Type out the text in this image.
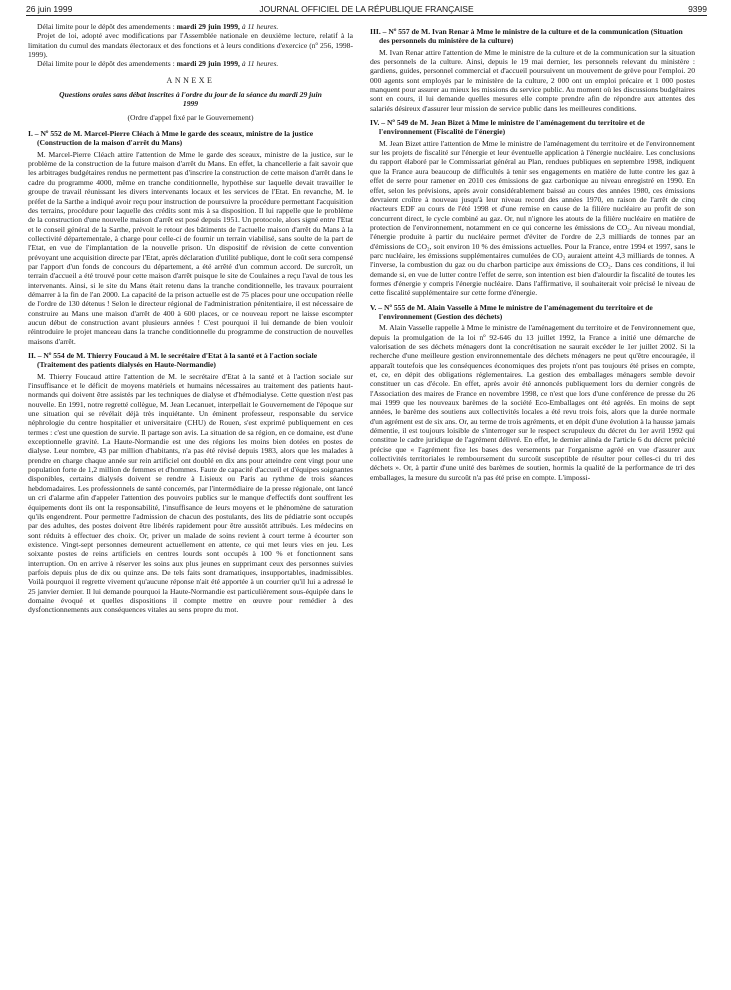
26 juin 1999	JOURNAL OFFICIEL DE LA RÉPUBLIQUE FRANÇAISE	9399

Délai limite pour le dépôt des amendements : mardi 29 juin 1999, à 11 heures.

Projet de loi, adopté avec modifications par l'Assemblée nationale en deuxième lecture, relatif à la limitation du cumul des mandats électoraux et des fonctions et à leurs conditions d'exercice (nº 256, 1998-1999).

Délai limite pour le dépôt des amendements : mardi 29 juin 1999, à 11 heures.

ANNEXE

Questions orales sans débat inscrites à l'ordre du jour de la séance du mardi 29 juin 1999

(Ordre d'appel fixé par le Gouvernement)

I. – Nº 552 de M. Marcel-Pierre Cléach à Mme le garde des sceaux, ministre de la justice (Construction de la maison d'arrêt du Mans)

M. Marcel-Pierre Cléach attire l'attention de Mme le garde des sceaux, ministre de la justice, sur le problème de la construction de la future maison d'arrêt du Mans. En effet, la chancellerie a fait savoir que les arbitrages budgétaires rendus ne permettent pas d'inscrire la construction de cette maison d'arrêt dans le cadre du programme 4000, même en tranche conditionnelle, hypothèse sur laquelle devait travailler le groupe de travail réunissant les divers intervenants locaux et les services de l'Etat. En revanche, M. le préfet de la Sarthe a indiqué avoir reçu pour instruction de poursuivre la procédure permettant l'acquisition des terrains, procédure pour laquelle des crédits sont mis à sa disposition. Il lui rappelle que le problème de la construction d'une nouvelle maison d'arrêt est posé depuis 1951. Un protocole, alors signé entre l'Etat et le conseil général de la Sarthe, prévoit le retour des bâtiments de l'actuelle maison d'arrêt du Mans à la collectivité départementale, à charge pour celle-ci de fournir un terrain viabilisé, sans soulte de la part de l'Etat, en vue de l'implantation de la nouvelle prison. Un dispositif de révision de cette convention prévoyant une acquisition directe par l'Etat, après déclaration d'utilité publique, dont le coût sera compensé par l'apport d'un fonds de concours du département, a été arrêté d'un commun accord. De surcroît, un terrain d'accueil a été trouvé pour cette maison d'arrêt puisque le site de Coulaines a reçu l'aval de tous les intervenants. Ainsi, si le site du Mans était retenu dans la tranche conditionnelle, les travaux pourraient démarrer à la fin de l'an 2000. La capacité de la prison actuelle est de 75 places pour une occupation réelle de l'ordre de 130 détenus ! Selon le directeur régional de l'administration pénitentiaire, il est nécessaire de construire au Mans une maison d'arrêt de 400 à 600 places, or ce nouveau report ne laisse escompter aucun début de construction avant plusieurs années ! C'est pourquoi il lui demande de bien vouloir réintroduire le projet manceau dans la tranche conditionnelle du programme de construction de nouvelles maisons d'arrêt.

II. – Nº 554 de M. Thierry Foucaud à M. le secrétaire d'Etat à la santé et à l'action sociale (Traitement des patients dialysés en Haute-Normandie)

M. Thierry Foucaud attire l'attention de M. le secrétaire d'Etat à la santé et à l'action sociale sur l'insuffisance et le déficit de moyens matériels et humains nécessaires au traitement des patients haut-normands qui doivent être assistés par les techniques de dialyse et d'hémodialyse. Cette question n'est pas nouvelle. En 1991, notre regretté collègue, M. Jean Lecanuet, interpellait le Gouvernement de l'époque sur une situation qui se révélait déjà très inquiétante. Un éminent professeur, responsable du service néphrologie du centre hospitalier et universitaire (CHU) de Rouen, s'est exprimé publiquement en ces termes : c'est une question de survie. Il partage son avis. La situation de sa région, en ce domaine, est d'une exceptionnelle gravité. La Haute-Normandie est une des régions les moins bien dotées en postes de dialyse. Leur nombre, 43 par million d'habitants, n'a pas été révisé depuis 1983, alors que les malades à prendre en charge chaque année sur rein artificiel ont doublé en dix ans pour atteindre cent vingt pour une population forte de 1,2 million de femmes et d'hommes. Faute de capacité d'accueil et d'équipes soignantes disponibles, certains dialysés doivent se rendre à Lisieux ou Paris au rythme de trois séances hebdomadaires. Les professionnels de santé concernés, par l'intermédiaire de la presse régionale, ont lancé un cri d'alarme afin d'appeler l'attention des pouvoirs publics sur le manque d'effectifs dont souffrent les équipements dont ils ont la responsabilité, l'insuffisance de leurs moyens et le phénomène de saturation qu'ils engendrent. Pour permettre l'admission de chacun des postulants, des lits de pédiatrie sont occupés par des adultes, des postes doivent être libérés rapidement pour être aussitôt attribués. Les médecins en sont réduits à effectuer des choix. Or, priver un malade de soins revient à court terme à écourter son existence. Vingt-sept personnes demeurent actuellement en attente, ce qui met leurs vies en jeu. Les soixante postes de reins artificiels en centres lourds sont occupés à 100 % et fonctionnent sans interruption. On en arrive à réserver les soins aux plus jeunes en supprimant ceux des personnes suivies parfois depuis plus de dix ou quinze ans. De tels faits sont dramatiques, insupportables, inadmissibles. Voilà pourquoi il regrette vivement qu'aucune réponse n'ait été apportée à un courrier qu'il lui a adressé le 25 janvier dernier. Il lui demande pourquoi la Haute-Normandie est particulièrement sous-équipée dans le domaine évoqué et quelles dispositions il compte mettre en œuvre pour remédier à des dysfonctionnements aux conséquences vitales au sens propre du mot.

III. – Nº 557 de M. Ivan Renar à Mme le ministre de la culture et de la communication (Situation des personnels du ministère de la culture)

M. Ivan Renar attire l'attention de Mme le ministre de la culture et de la communication sur la situation des personnels de la culture. Ainsi, depuis le 19 mai dernier, les personnels relevant du ministère : gardiens, guides, personnel commercial et d'accueil poursuivent un mouvement de grève pour l'emploi. 20 000 agents sont employés par le ministère de la culture, 2 000 ont un emploi précaire et 1 000 postes manquent pour assurer au mieux les missions du service public. Au moment où les discussions budgétaires sont en cours, il lui demande quelles mesures elle compte prendre afin de répondre aux attentes des salariés désireux d'assurer leur mission de service public dans les meilleures conditions.

IV. – Nº 549 de M. Jean Bizet à Mme le ministre de l'aménagement du territoire et de l'environnement (Fiscalité de l'énergie)

M. Jean Bizet attire l'attention de Mme le ministre de l'aménagement du territoire et de l'environnement sur les projets de fiscalité sur l'énergie et leur éventuelle application à l'énergie nucléaire. Les conclusions du rapport élaboré par le Commissariat général au Plan, rendues publiques en septembre 1998, indiquent que la France aura beaucoup de difficultés à tenir ses engagements en matière de lutte contre les gaz à effet de serre pour ramener en 2010 ces émissions de gaz carbonique au niveau enregistré en 1990. En effet, selon les prévisions, après avoir considérablement baissé au cours des années 1980, ces émissions devraient croître à nouveau jusqu'à leur niveau record des années 1970, en raison de l'arrêt de cinq réacteurs EDF au cours de l'été 1998 et d'une remise en cause de la filière nucléaire au profit de son concurrent direct, le cycle combiné au gaz. Or, nul n'ignore les atouts de la filière nucléaire en matière de protection de l'environnement, notamment en ce qui concerne les émissions de CO₂. Au niveau mondial, l'énergie produite à partir du nucléaire permet d'éviter de l'ordre de 2,3 milliards de tonnes par an d'émissions de CO₂, soit environ 10 % des émissions actuelles. Pour la France, entre 1994 et 1997, sans le parc nucléaire, les émissions supplémentaires cumulées de CO₂ auraient atteint 4,3 milliards de tonnes. A l'inverse, la combustion du gaz ou du charbon participe aux émissions de CO₂. Dans ces conditions, il lui demande si, en vue de lutter contre l'effet de serre, son intention est bien d'alourdir la fiscalité de toutes les formes d'énergie y compris l'énergie nucléaire. Dans l'affirmative, il souhaiterait voir précisé le niveau de cette fiscalité supplémentaire sur cette forme d'énergie.

V. – Nº 555 de M. Alain Vasselle à Mme le ministre de l'aménagement du territoire et de l'environnement (Gestion des déchets)

M. Alain Vasselle rappelle à Mme le ministre de l'aménagement du territoire et de l'environnement que, depuis la promulgation de la loi nº 92-646 du 13 juillet 1992, la France a initié une démarche de valorisation de ses déchets ménagers dont la concrétisation ne saurait excéder le 1er juillet 2002. Si la recherche d'une meilleure gestion environnementale des déchets ménagers ne peut qu'être encouragée, il apparaît toutefois que les conséquences économiques des projets n'ont pas toujours été prises en compte, et, ce, en dépit des obligations réglementaires. La gestion des emballages ménagers semble devoir constituer un cas d'école. En effet, après avoir été annoncés publiquement lors du dernier congrès de l'Association des maires de France en novembre 1998, ce n'est que lors d'une conférence de presse du 26 mai 1999 que les nouveaux barèmes de la société Eco-Emballages ont été agréés. En moins de sept années, le barème des soutiens aux collectivités locales a été revu trois fois, alors que la durée normale d'un agrément est de six ans. Or, au terme de trois agréments, et en dépit d'une évolution à la hausse jamais démentie, il est toujours loisible de s'interroger sur le respect scrupuleux du décret du 1er avril 1992 qui constitue le cadre juridique de l'agrément délivré. En effet, le dernier alinéa de l'article 6 du décret précité précise que « l'agrément fixe les bases des versements par l'organisme agréé en vue d'assurer aux collectivités territoriales le remboursement du surcoût susceptible de résulter pour celles-ci du tri des déchets ». Or, à partir d'une unité des barèmes de soutien, hormis la qualité de la performance de tri des emballages, la mesure du surcoût n'a pas été prise en compte. L'impossi-
